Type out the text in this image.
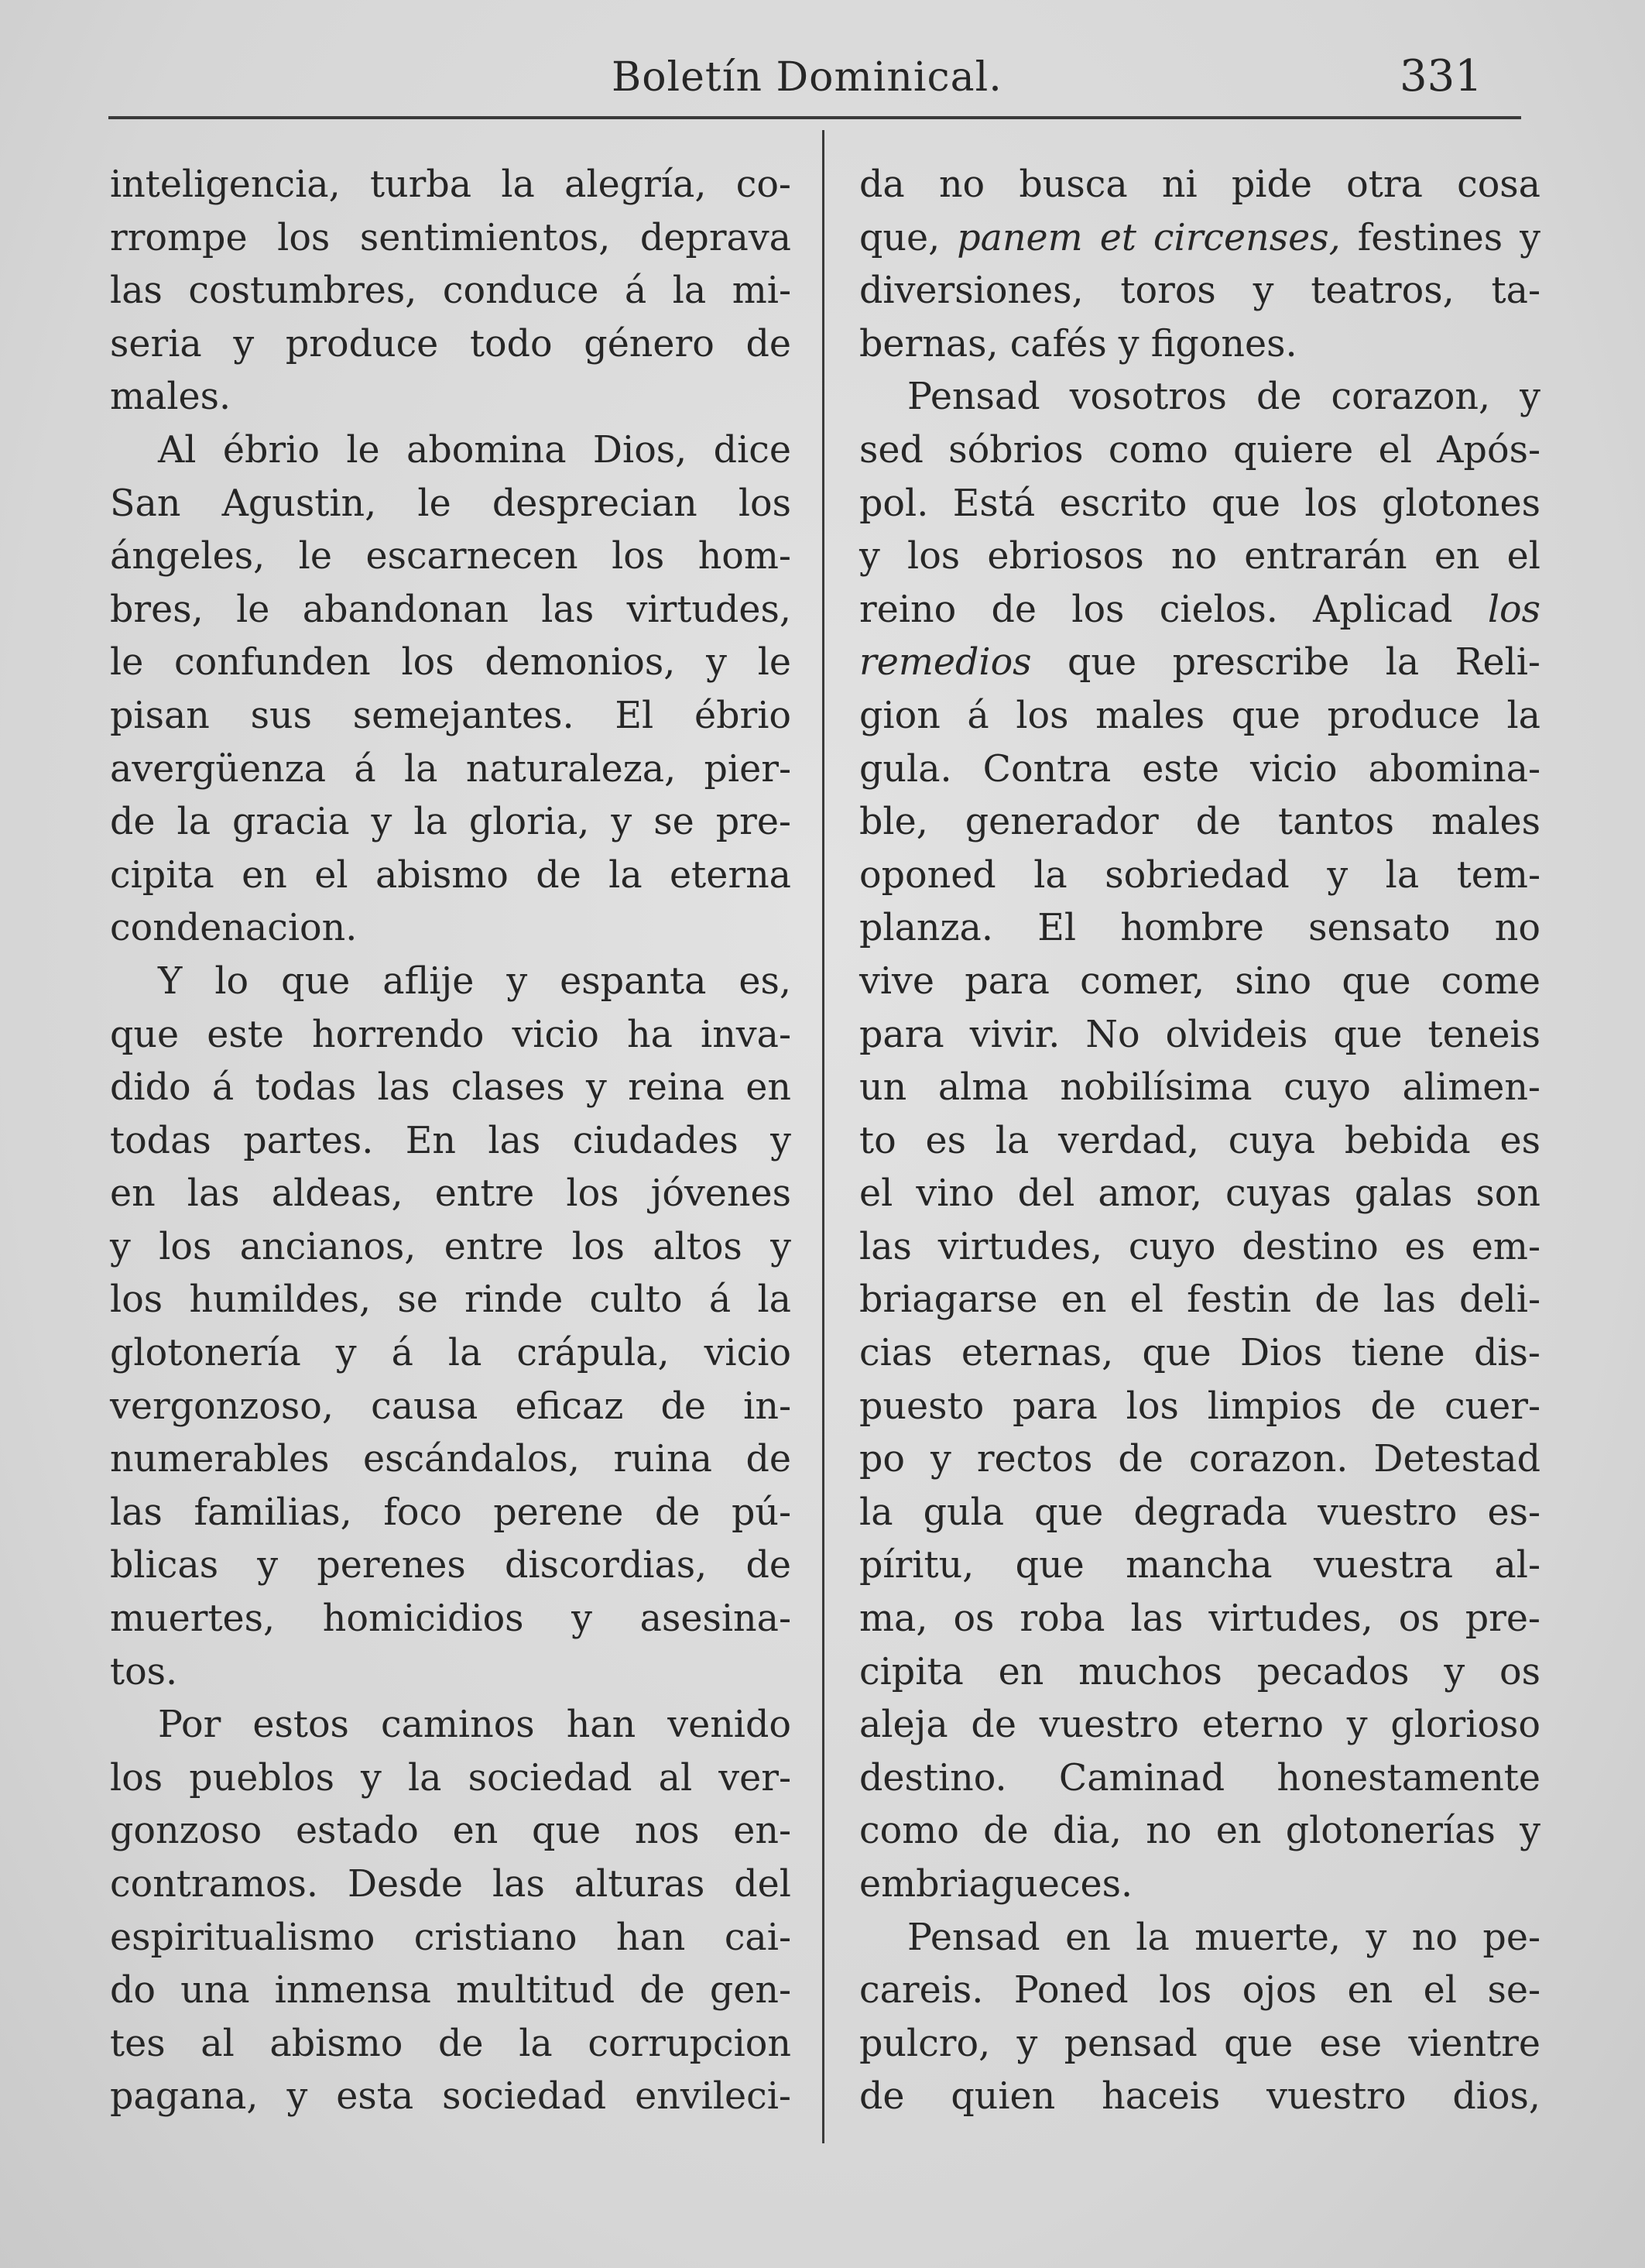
Boletín Dominical.	331

inteligencia, turba la alegría, co-
rrompe los sentimientos, deprava
las costumbres, conduce á la mi-
seria y produce todo género de
males.

Al ébrio le abomina Dios, dice
San Agustin, le desprecian los
ángeles, le escarnecen los hom-
bres, le abandonan las virtudes,
le confunden los demonios, y le
pisan sus semejantes. El ébrio
avergüenza á la naturaleza, pier-
de la gracia y la gloria, y se pre-
cipita en el abismo de la eterna
condenacion.

Y lo que aflije y espanta es,
que este horrendo vicio ha inva-
dido á todas las clases y reina en
todas partes. En las ciudades y
en las aldeas, entre los jóvenes
y los ancianos, entre los altos y
los humildes, se rinde culto á la
glotonería y á la crápula, vicio
vergonzoso, causa eficaz de in-
numerables escándalos, ruina de
las familias, foco perene de pú-
blicas y perenes discordias, de
muertes, homicidios y asesina-
tos.

Por estos caminos han venido
los pueblos y la sociedad al ver-
gonzoso estado en que nos en-
contramos. Desde las alturas del
espiritualismo cristiano han cai-
do una inmensa multitud de gen-
tes al abismo de la corrupcion
pagana, y esta sociedad envileci-

da no busca ni pide otra cosa
que, panem et circenses, festines y
diversiones, toros y teatros, ta-
bernas, cafés y figones.

Pensad vosotros de corazon, y
sed sóbrios como quiere el Após-
pol. Está escrito que los glotones
y los ebriosos no entrarán en el
reino de los cielos. Aplicad los
remedios que prescribe la Reli-
gion á los males que produce la
gula. Contra este vicio abomina-
ble, generador de tantos males
oponed la sobriedad y la tem-
planza. El hombre sensato no
vive para comer, sino que come
para vivir. No olvideis que teneis
un alma nobilísima cuyo alimen-
to es la verdad, cuya bebida es
el vino del amor, cuyas galas son
las virtudes, cuyo destino es em-
briagarse en el festin de las deli-
cias eternas, que Dios tiene dis-
puesto para los limpios de cuer-
po y rectos de corazon. Detestad
la gula que degrada vuestro es-
píritu, que mancha vuestra al-
ma, os roba las virtudes, os pre-
cipita en muchos pecados y os
aleja de vuestro eterno y glorioso
destino. Caminad honestamente
como de dia, no en glotonerías y
embriagueces.

Pensad en la muerte, y no pe-
careis. Poned los ojos en el se-
pulcro, y pensad que ese vientre
de quien haceis vuestro dios,
